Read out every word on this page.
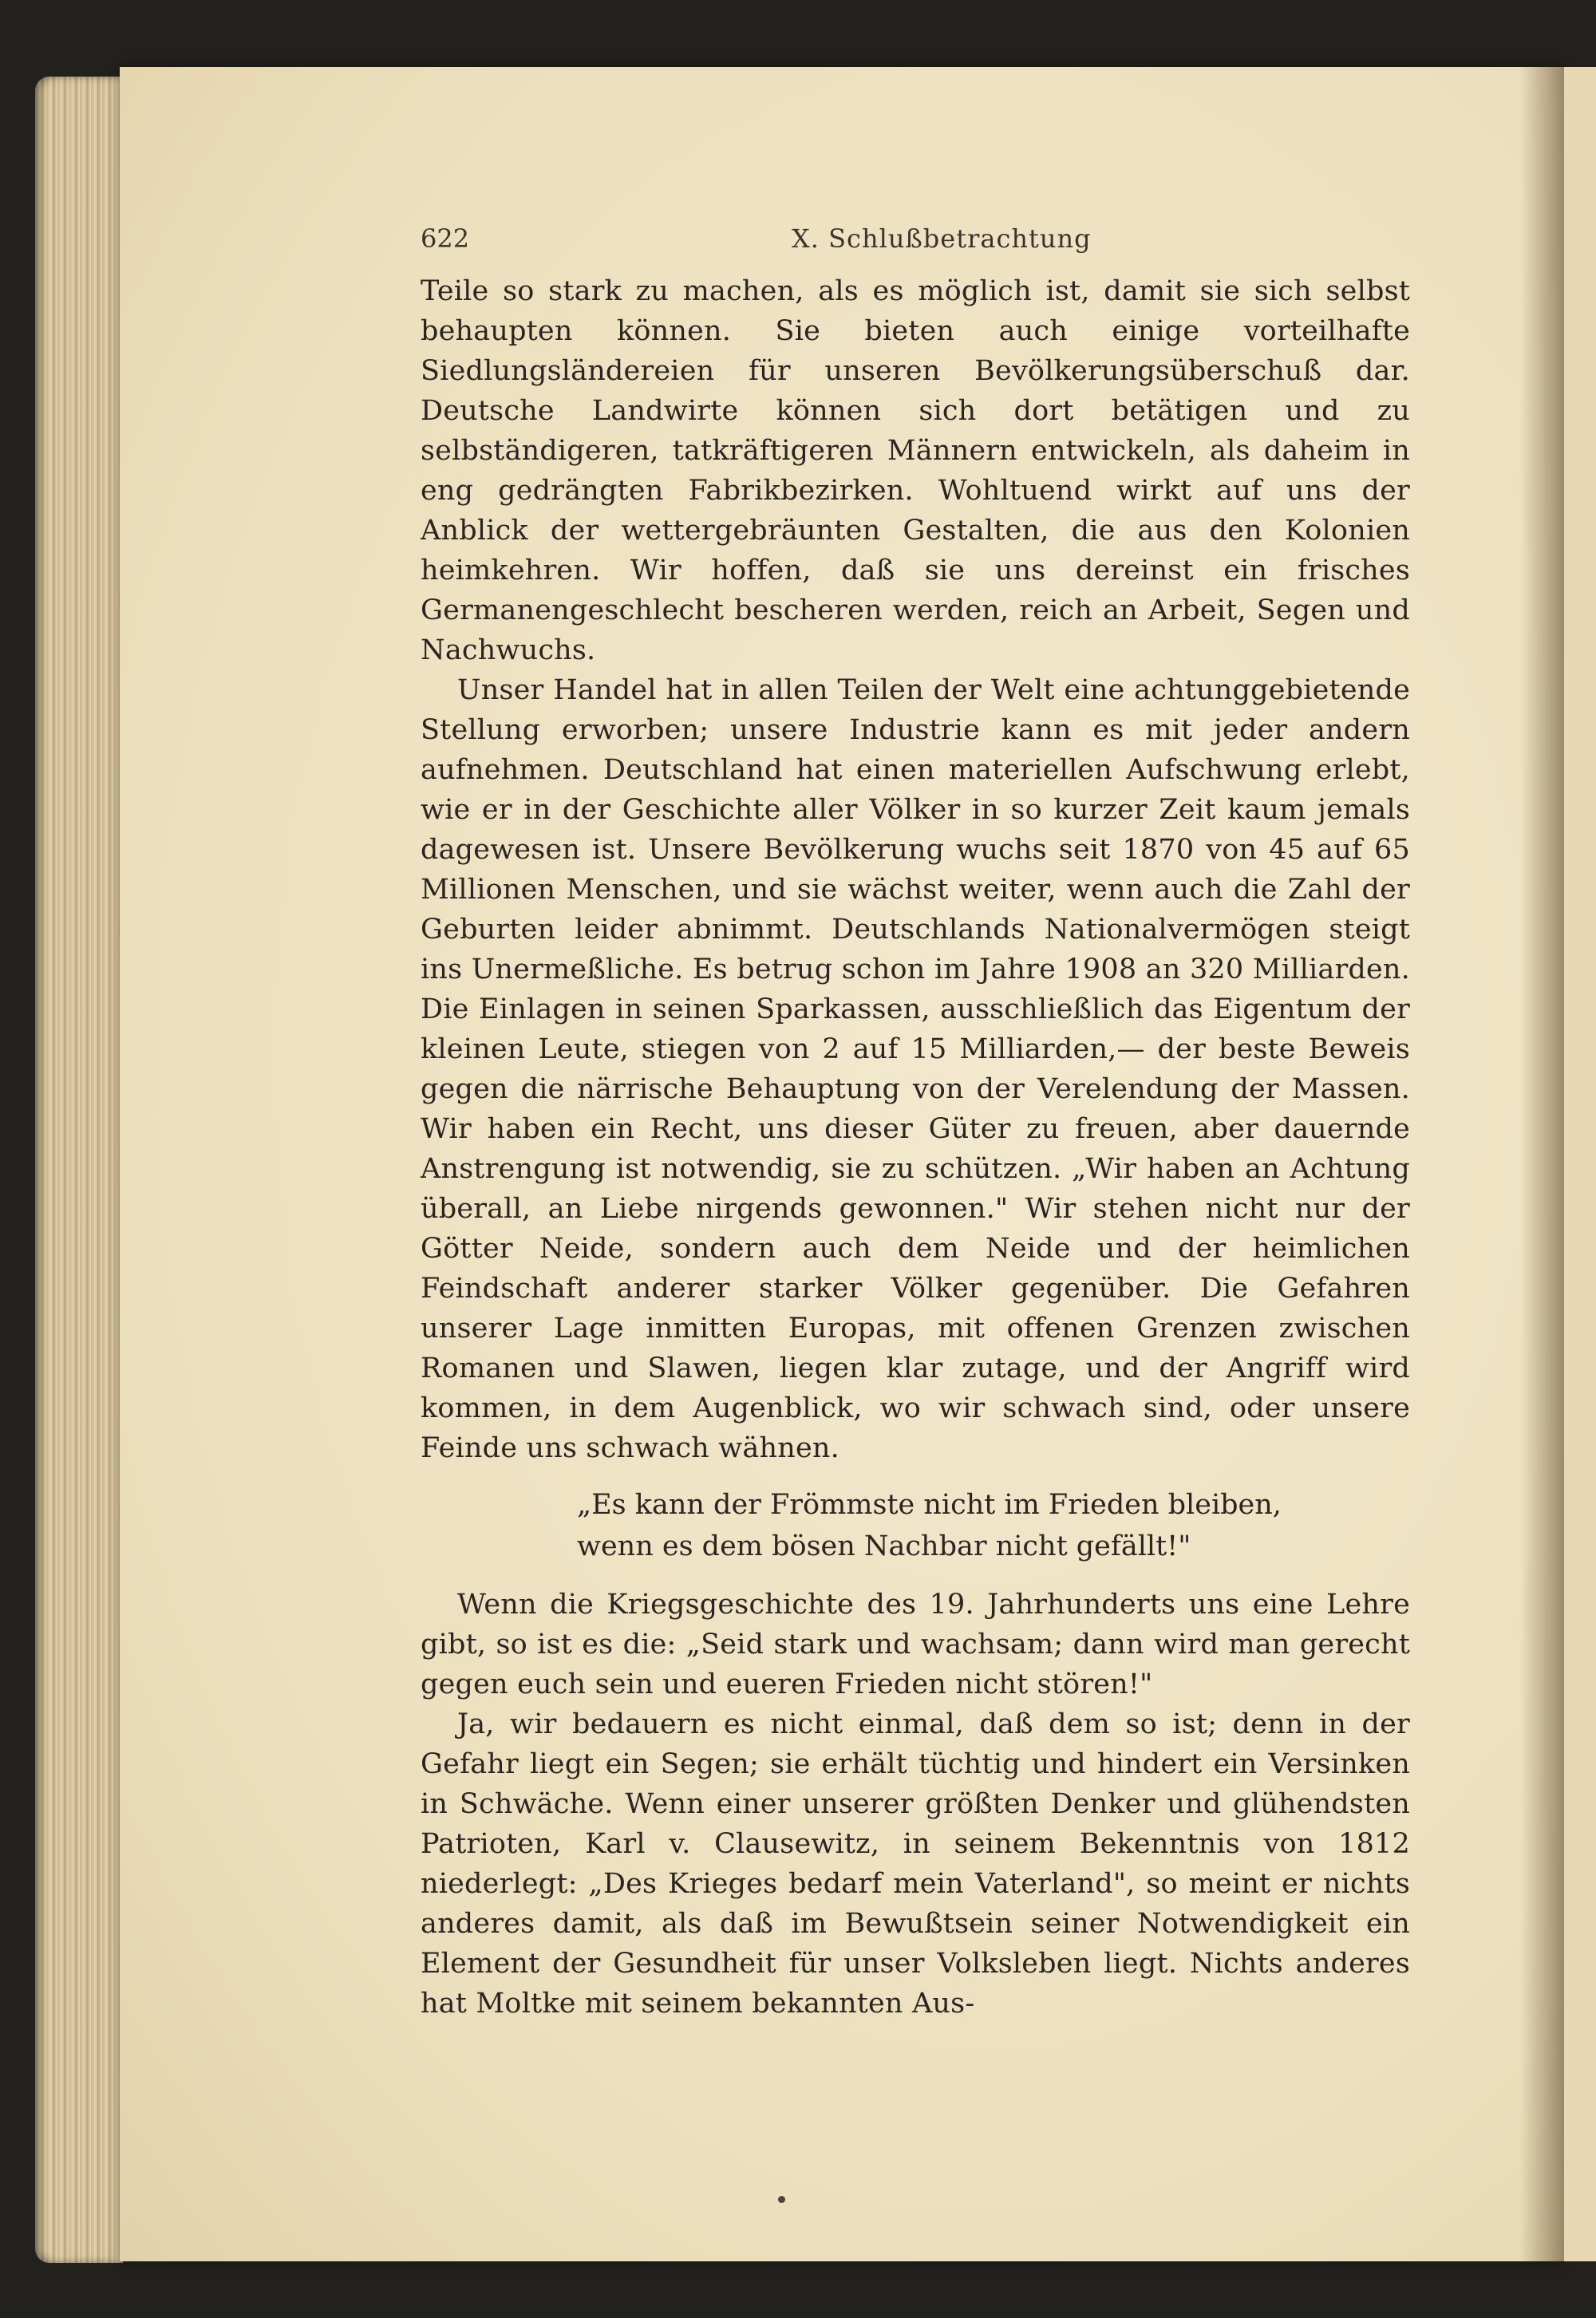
622	X. Schlußbetrachtung

Teile so stark zu machen, als es möglich ist, damit sie sich selbst behaupten können. Sie bieten auch einige vorteilhafte Siedlungsländereien für unseren Bevölkerungsüberschuß dar. Deutsche Landwirte können sich dort betätigen und zu selbständigeren, tatkräftigeren Männern entwickeln, als daheim in eng gedrängten Fabrikbezirken. Wohltuend wirkt auf uns der Anblick der wettergebräunten Gestalten, die aus den Kolonien heimkehren. Wir hoffen, daß sie uns dereinst ein frisches Germanengeschlecht bescheren werden, reich an Arbeit, Segen und Nachwuchs.

Unser Handel hat in allen Teilen der Welt eine achtunggebietende Stellung erworben; unsere Industrie kann es mit jeder andern aufnehmen. Deutschland hat einen materiellen Aufschwung erlebt, wie er in der Geschichte aller Völker in so kurzer Zeit kaum jemals dagewesen ist. Unsere Bevölkerung wuchs seit 1870 von 45 auf 65 Millionen Menschen, und sie wächst weiter, wenn auch die Zahl der Geburten leider abnimmt. Deutschlands Nationalvermögen steigt ins Unermeßliche. Es betrug schon im Jahre 1908 an 320 Milliarden. Die Einlagen in seinen Sparkassen, ausschließlich das Eigentum der kleinen Leute, stiegen von 2 auf 15 Milliarden,— der beste Beweis gegen die närrische Behauptung von der Verelendung der Massen. Wir haben ein Recht, uns dieser Güter zu freuen, aber dauernde Anstrengung ist notwendig, sie zu schützen. „Wir haben an Achtung überall, an Liebe nirgends gewonnen." Wir stehen nicht nur der Götter Neide, sondern auch dem Neide und der heimlichen Feindschaft anderer starker Völker gegenüber. Die Gefahren unserer Lage inmitten Europas, mit offenen Grenzen zwischen Romanen und Slawen, liegen klar zutage, und der Angriff wird kommen, in dem Augenblick, wo wir schwach sind, oder unsere Feinde uns schwach wähnen.

„Es kann der Frömmste nicht im Frieden bleiben,
wenn es dem bösen Nachbar nicht gefällt!"

Wenn die Kriegsgeschichte des 19. Jahrhunderts uns eine Lehre gibt, so ist es die: „Seid stark und wachsam; dann wird man gerecht gegen euch sein und eueren Frieden nicht stören!"

Ja, wir bedauern es nicht einmal, daß dem so ist; denn in der Gefahr liegt ein Segen; sie erhält tüchtig und hindert ein Versinken in Schwäche. Wenn einer unserer größten Denker und glühendsten Patrioten, Karl v. Clausewitz, in seinem Bekenntnis von 1812 niederlegt: „Des Krieges bedarf mein Vaterland", so meint er nichts anderes damit, als daß im Bewußtsein seiner Notwendigkeit ein Element der Gesundheit für unser Volksleben liegt. Nichts anderes hat Moltke mit seinem bekannten Aus-
